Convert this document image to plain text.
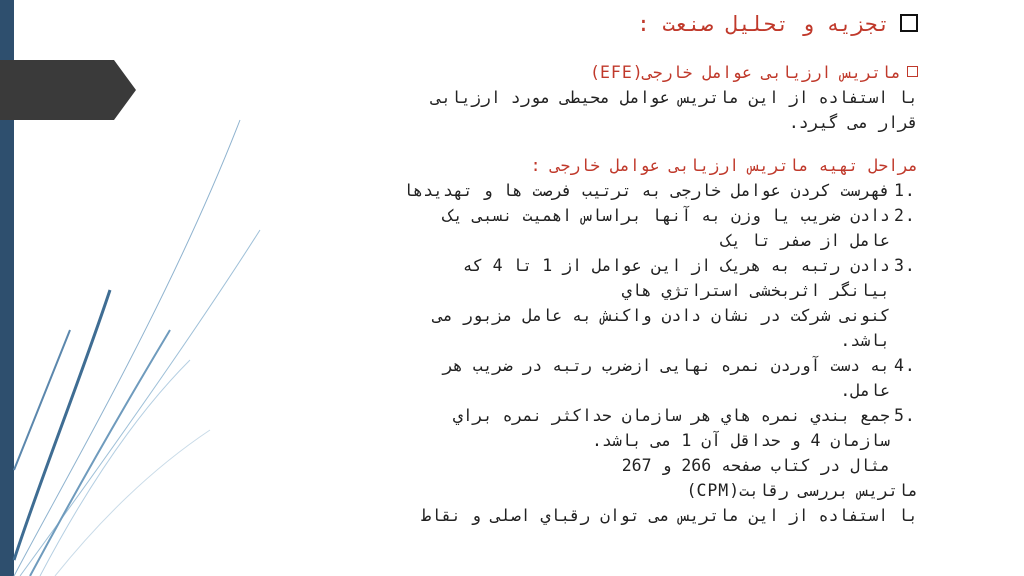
تجزیه و تحلیل صنعت :
ماتریس ارزیابی عوامل خارجی(EFE)
با استفاده از این ماتریس عوامل محیطی مورد ارزیابی
قرار می گیرد.
مراحل تهیه ماتریس ارزیابی عوامل خارجی :
1.
فهرست کردن عوامل خارجی به ترتیب فرصت ها و تهدیدها
2.
دادن ضریب یا وزن به آنها براساس اهمیت نسبی یک
عامل از صفر تا یک
3.
دادن رتبه به هریک از این عوامل از 1 تا 4 که
بیانگر اثربخشی استراتژي هاي
کنونی شرکت در نشان دادن واکنش به عامل مزبور می
باشد.
4.
به دست آوردن نمره نهایی ازضرب رتبه در ضریب هر
عامل.
5.
جمع بندي نمره هاي هر سازمان حداکثر نمره براي
سازمان 4 و حداقل آن 1 می باشد.
مثال در کتاب صفحه 266 و 267
ماتریس بررسی رقابت(CPM)
با استفاده از این ماتریس می توان رقباي اصلی و نقاط
